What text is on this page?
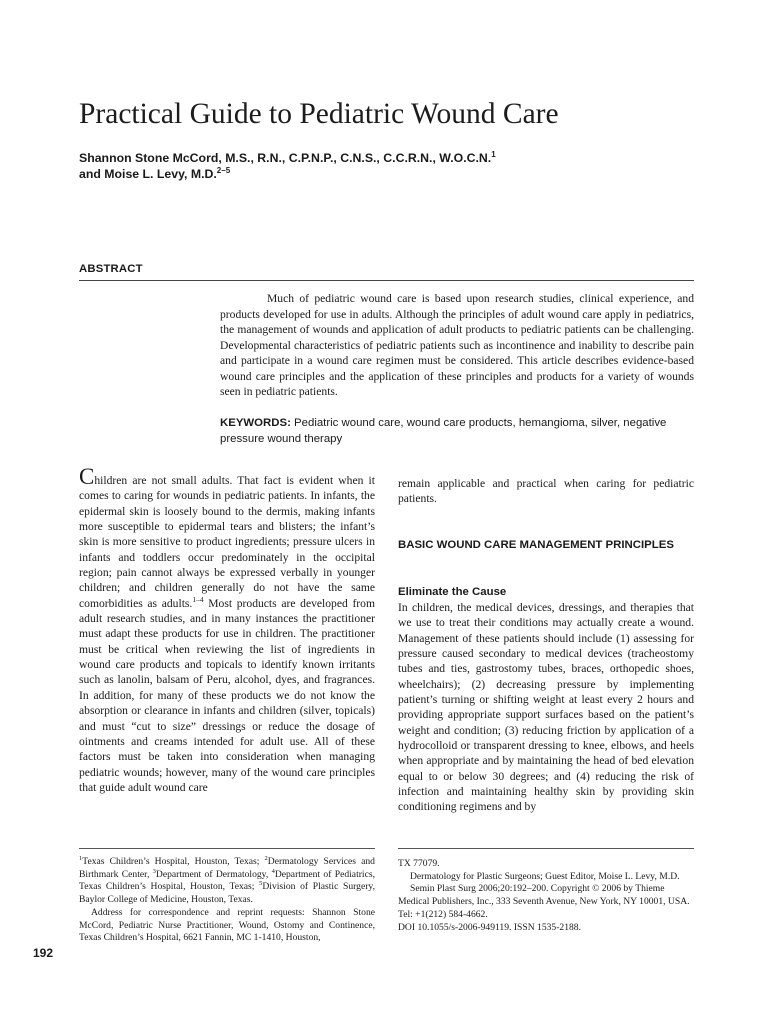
Practical Guide to Pediatric Wound Care
Shannon Stone McCord, M.S., R.N., C.P.N.P., C.N.S., C.C.R.N., W.O.C.N.$^1$
and Moise L. Levy, M.D.$^{2-5}$
ABSTRACT
Much of pediatric wound care is based upon research studies, clinical experience, and products developed for use in adults. Although the principles of adult wound care apply in pediatrics, the management of wounds and application of adult products to pediatric patients can be challenging. Developmental characteristics of pediatric patients such as incontinence and inability to describe pain and participate in a wound care regimen must be considered. This article describes evidence-based wound care principles and the application of these principles and products for a variety of wounds seen in pediatric patients.
KEYWORDS: Pediatric wound care, wound care products, hemangioma, silver, negative pressure wound therapy
Children are not small adults. That fact is evident when it comes to caring for wounds in pediatric patients. In infants, the epidermal skin is loosely bound to the dermis, making infants more susceptible to epidermal tears and blisters; the infant’s skin is more sensitive to product ingredients; pressure ulcers in infants and toddlers occur predominately in the occipital region; pain cannot always be expressed verbally in younger children; and children generally do not have the same comorbidities as adults.$^{1-4}$ Most products are developed from adult research studies, and in many instances the practitioner must adapt these products for use in children. The practitioner must be critical when reviewing the list of ingredients in wound care products and topicals to identify known irritants such as lanolin, balsam of Peru, alcohol, dyes, and fragrances. In addition, for many of these products we do not know the absorption or clearance in infants and children (silver, topicals) and must “cut to size” dressings or reduce the dosage of ointments and creams intended for adult use. All of these factors must be taken into consideration when managing pediatric wounds; however, many of the wound care principles that guide adult wound care
remain applicable and practical when caring for pediatric patients.
BASIC WOUND CARE MANAGEMENT PRINCIPLES
Eliminate the Cause
In children, the medical devices, dressings, and therapies that we use to treat their conditions may actually create a wound. Management of these patients should include (1) assessing for pressure caused secondary to medical devices (tracheostomy tubes and ties, gastrostomy tubes, braces, orthopedic shoes, wheelchairs); (2) decreasing pressure by implementing patient’s turning or shifting weight at least every 2 hours and providing appropriate support surfaces based on the patient’s weight and condition; (3) reducing friction by application of a hydrocolloid or transparent dressing to knee, elbows, and heels when appropriate and by maintaining the head of bed elevation equal to or below 30 degrees; and (4) reducing the risk of infection and maintaining healthy skin by providing skin conditioning regimens and by

$^1$Texas Children’s Hospital, Houston, Texas; $^2$Dermatology Services and Birthmark Center, $^3$Department of Dermatology, $^4$Department of Pediatrics, Texas Children’s Hospital, Houston, Texas; $^5$Division of Plastic Surgery, Baylor College of Medicine, Houston, Texas.

Address for correspondence and reprint requests: Shannon Stone McCord, Pediatric Nurse Practitioner, Wound, Ostomy and Continence, Texas Children’s Hospital, 6621 Fannin, MC 1-1410, Houston,

TX 77079.

Dermatology for Plastic Surgeons; Guest Editor, Moise L. Levy, M.D.

Semin Plast Surg 2006;20:192–200. Copyright © 2006 by Thieme Medical Publishers, Inc., 333 Seventh Avenue, New York, NY 10001, USA. Tel: +1(212) 584-4662.

DOI 10.1055/s-2006-949119. ISSN 1535-2188.

192
